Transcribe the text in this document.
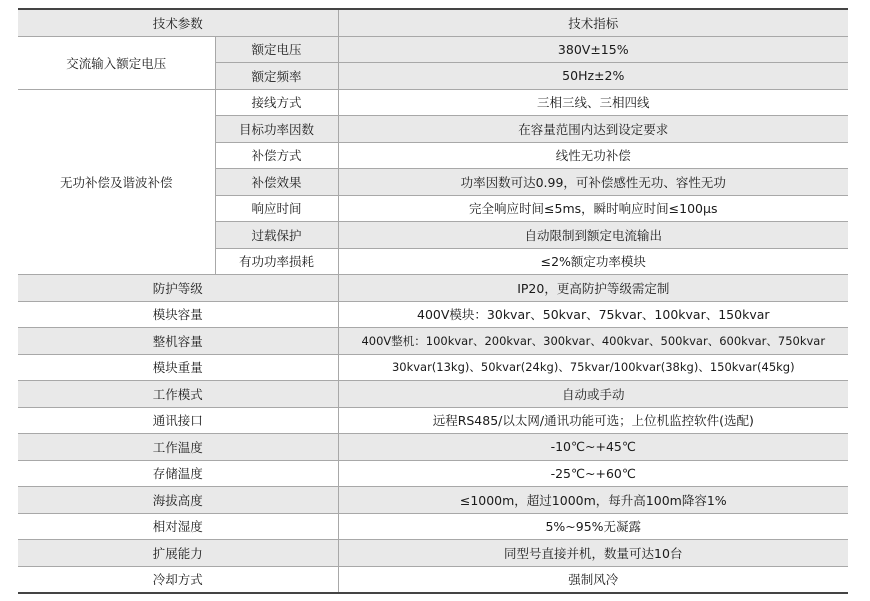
技术参数		技术指标
交流输入额定电压	额定电压	380V±15%
	额定频率	50Hz±2%
无功补偿及谐波补偿	接线方式	三相三线、三相四线
	目标功率因数	在容量范围内达到设定要求
	补偿方式	线性无功补偿
	补偿效果	功率因数可达0.99，可补偿感性无功、容性无功
	响应时间	完全响应时间≤5ms，瞬时响应时间≤100μs
	过载保护	自动限制到额定电流输出
	有功功率损耗	≤2%额定功率模块
防护等级		IP20，更高防护等级需定制
模块容量		400V模块：30kvar、50kvar、75kvar、100kvar、150kvar
整机容量		400V整机：100kvar、200kvar、300kvar、400kvar、500kvar、600kvar、750kvar
模块重量		30kvar(13kg)、50kvar(24kg)、75kvar/100kvar(38kg)、150kvar(45kg)
工作模式		自动或手动
通讯接口		远程RS485/以太网/通讯功能可选；上位机监控软件(选配)
工作温度		-10℃~+45℃
存储温度		-25℃~+60℃
海拔高度		≤1000m，超过1000m，每升高100m降容1%
相对湿度		5%~95%无凝露
扩展能力		同型号直接并机，数量可达10台
冷却方式		强制风冷
